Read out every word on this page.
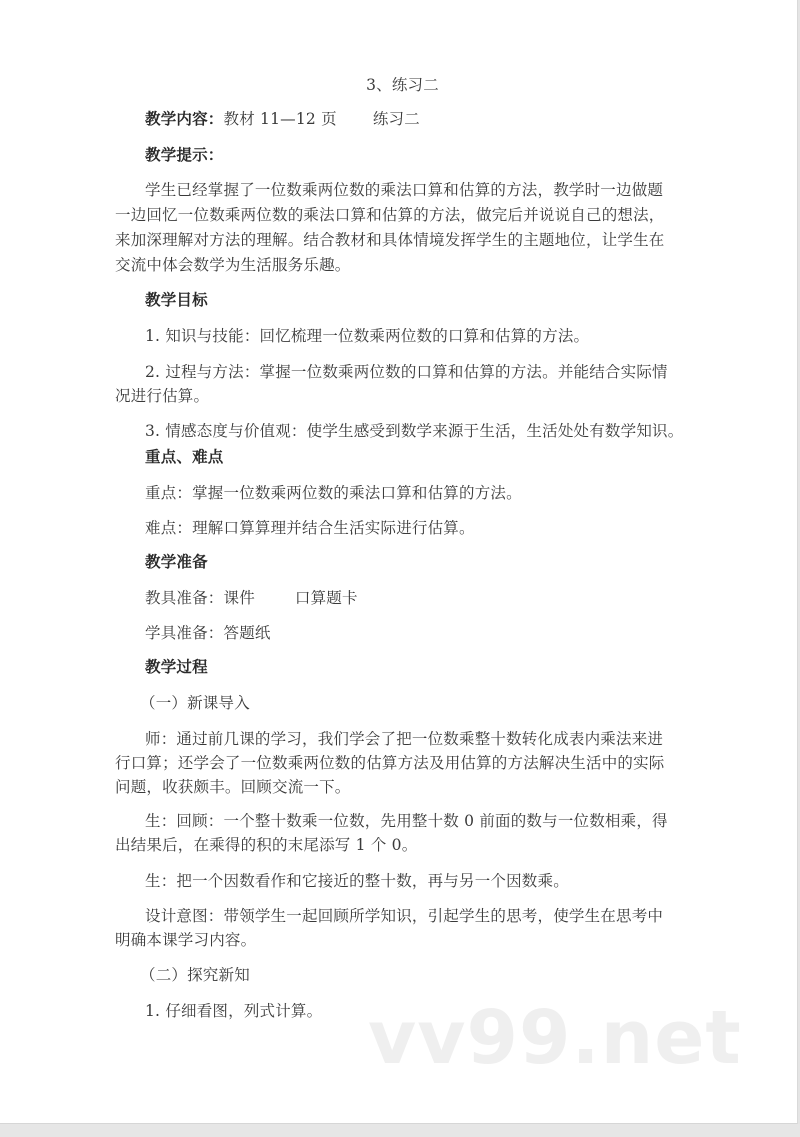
3、练习二
教学内容：教材 11—12 页 练习二
教学提示：
学生已经掌握了一位数乘两位数的乘法口算和估算的方法，教学时一边做题
一边回忆一位数乘两位数的乘法口算和估算的方法，做完后并说说自己的想法，
来加深理解对方法的理解。结合教材和具体情境发挥学生的主题地位，让学生在
交流中体会数学为生活服务乐趣。
教学目标
1. 知识与技能：回忆梳理一位数乘两位数的口算和估算的方法。
2. 过程与方法：掌握一位数乘两位数的口算和估算的方法。并能结合实际情
况进行估算。
3. 情感态度与价值观：使学生感受到数学来源于生活，生活处处有数学知识。
重点、难点
重点：掌握一位数乘两位数的乘法口算和估算的方法。
难点：理解口算算理并结合生活实际进行估算。
教学准备
教具准备：课件	口算题卡
学具准备：答题纸
教学过程
（一）新课导入
师：通过前几课的学习，我们学会了把一位数乘整十数转化成表内乘法来进
行口算；还学会了一位数乘两位数的估算方法及用估算的方法解决生活中的实际
问题，收获颇丰。回顾交流一下。
生：回顾：一个整十数乘一位数，先用整十数 0 前面的数与一位数相乘，得
出结果后，在乘得的积的末尾添写 1 个 0。
生：把一个因数看作和它接近的整十数，再与另一个因数乘。
设计意图：带领学生一起回顾所学知识，引起学生的思考，使学生在思考中
明确本课学习内容。
（二）探究新知
1. 仔细看图，列式计算。 vv99.net
